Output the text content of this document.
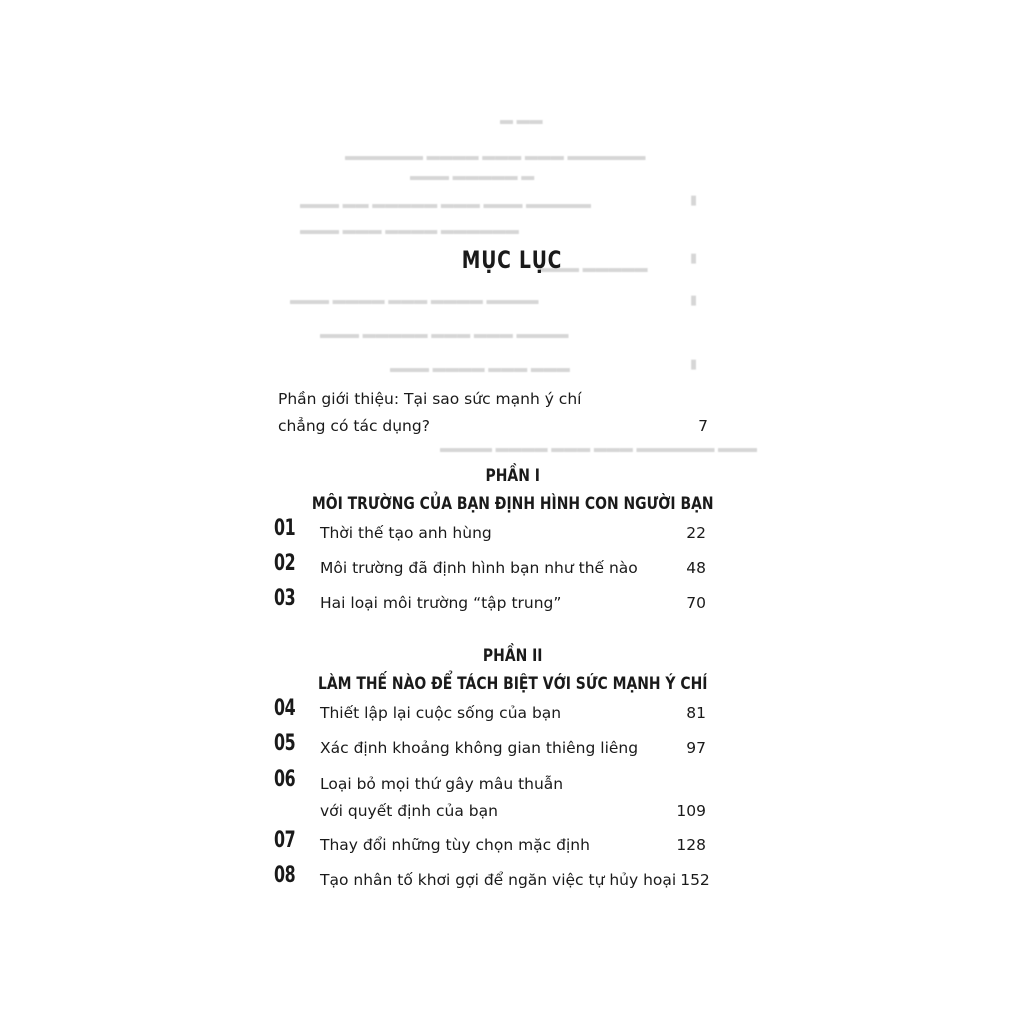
▬ ▬▬
▬▬▬▬▬▬ ▬▬▬▬ ▬▬▬ ▬▬▬ ▬▬▬▬▬▬
▬▬▬ ▬▬▬▬▬ ▬
▮
▬▬▬ ▬▬ ▬▬▬▬▬ ▬▬▬ ▬▬▬ ▬▬▬▬▬
▬▬▬ ▬▬▬ ▬▬▬▬ ▬▬▬▬▬▬
▮
▬▬▬ ▬▬▬▬▬
▬▬▬ ▬▬▬▬ ▬▬▬ ▬▬▬▬ ▬▬▬▬	▮
▬▬▬ ▬▬▬▬▬ ▬▬▬ ▬▬▬ ▬▬▬▬
▮
▬▬▬ ▬▬▬▬ ▬▬▬ ▬▬▬
▬▬▬▬ ▬▬▬▬ ▬▬▬ ▬▬▬ ▬▬▬▬▬▬ ▬▬▬
MỤC LỤC
Phần giới thiệu: Tại sao sức mạnh ý chí
chẳng có tác dụng? .....	7
PHẦN I
MÔI TRƯỜNG CỦA BẠN ĐỊNH HÌNH CON NGƯỜI BẠN
01 Thời thế tạo anh hùng .....	22
02 Môi trường đã định hình bạn như thế nào .....	48
03 Hai loại môi trường “tập trung” .....	70
PHẦN II
LÀM THẾ NÀO ĐỂ TÁCH BIỆT VỚI SỨC MẠNH Ý CHÍ
04 Thiết lập lại cuộc sống của bạn .....	81
05 Xác định khoảng không gian thiêng liêng .....	97
06 Loại bỏ mọi thứ gây mâu thuẫn
với quyết định của bạn .....	109
07 Thay đổi những tùy chọn mặc định .....	128
08 Tạo nhân tố khơi gợi để ngăn việc tự hủy hoại 152
